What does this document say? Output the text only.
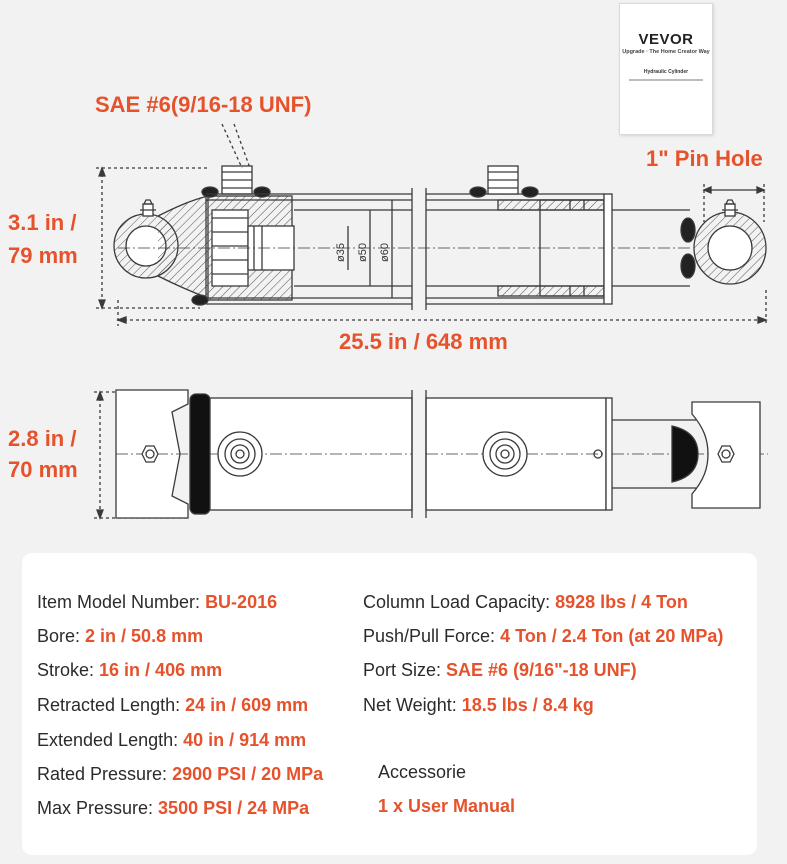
ø35 ø50 ø60
SAE #6(9/16-18 UNF)
1" Pin Hole
3.1 in /
79 mm
25.5 in / 648 mm
2.8 in /
70 mm
VEVOR
Upgrade · The Home Creator Way
Hydraulic Cylinder
Item Model Number: BU-2016
Bore: 2 in / 50.8 mm
Stroke: 16 in / 406 mm
Retracted Length: 24 in / 609 mm
Extended Length: 40 in / 914 mm
Rated Pressure: 2900 PSI / 20 MPa
Max Pressure: 3500 PSI / 24 MPa
Column Load Capacity: 8928 lbs / 4 Ton
Push/Pull Force: 4 Ton / 2.4 Ton (at 20 MPa)
Port Size: SAE #6 (9/16"-18 UNF)
Net Weight: 18.5 lbs / 8.4 kg
Accessorie
1 x User Manual
